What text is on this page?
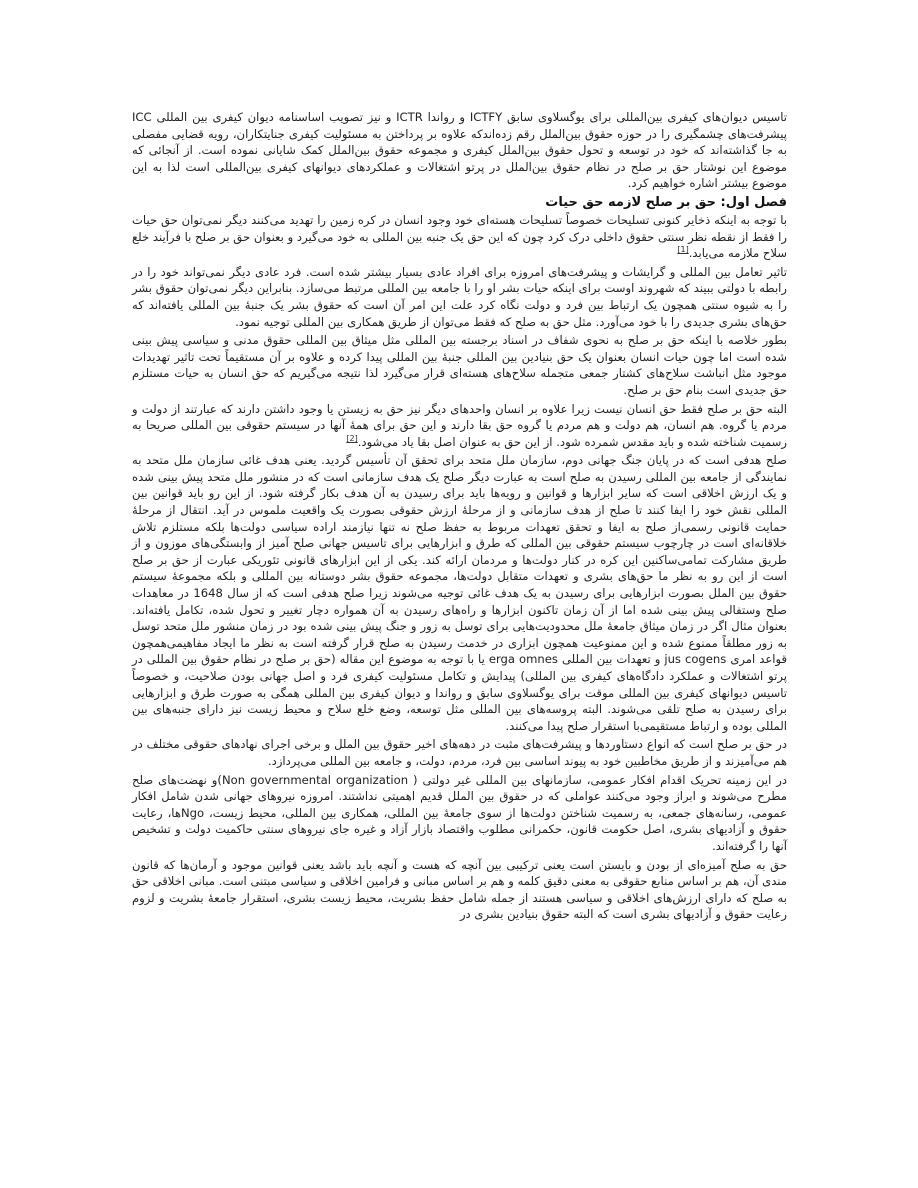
تاسیس دیوان‌های کیفری بین‌المللی برای یوگسلاوی سابق ICTFY و رواندا ICTR و نیز تصویب اساسنامه دیوان کیفری بین المللی ICC پیشرفت‌های چشمگیری را در حوزه حقوق بین‌الملل رقم زده‌اندکه علاوه بر پرداختن به مسئولیت کیفری جنایتکاران، رویه قضایی مفصلی به جا گذاشته‌اند که خود در توسعه و تحول حقوق بین‌الملل کیفری و مجموعه حقوق بین‌الملل کمک شایانی نموده است. از آنجائی که موضوع این نوشتار حق بر صلح در نظام حقوق بین‌الملل در پرتو اشتغالات و عملکردهای دیوانهای کیفری بین‌المللی است لذا به این موضوع بیشتر اشاره خواهیم کرد.

فصل اول: حق بر صلح لازمه حق حیات

با توجه به اینکه ذخایر کنونی تسلیحات خصوصاً تسلیحات هسته‌ای خود وجود انسان در کره زمین را تهدید می‌کنند دیگر نمی‌توان حق حیات را فقط از نقطه نظر سنتی حقوق داخلی درک کرد چون که این حق یک جنبه بین المللی به خود می‌گیرد و بعنوان حق بر صلح با فرآیند خلع سلاح ملازمه می‌یابد.[1]

تاثیر تعامل بین المللی و گرایشات و پیشرفت‌های امروزه برای افراد عادی بسیار بیشتر شده است. فرد عادی دیگر نمی‌تواند خود را در رابطه با دولتی ببیند که شهروند اوست برای اینکه حیات بشر او را با جامعه بین المللی مرتبط می‌سازد. بنابراین دیگر نمی‌توان حقوق بشر را به شیوه سنتی همچون یک ارتباط بین فرد و دولت نگاه کرد علت این امر آن است که حقوق بشر یک جنبهٔ بین المللی یافته‌اند که حق‌های بشری جدیدی را با خود می‌آورد. مثل حق به صلح که فقط می‌توان از طریق همکاری بین المللی توجیه نمود.

بطور خلاصه با اینکه حق بر صلح به نحوی شفاف در اسناد برجسته بین المللی مثل میثاق بین المللی حقوق مدنی و سیاسی پیش بینی شده است اما چون حیات انسان بعنوان یک حق بنیادین بین المللی جنبهٔ بین المللی پیدا کرده و علاوه بر آن مستقیماً تحت تاثیر تهدیدات موجود مثل انباشت سلاح‌های کشتار جمعی متجمله سلاح‌های هسته‌ای قرار می‌گیرد لذا نتیجه می‌گیریم که حق انسان به حیات مستلزم حق جدیدی است بنام حق بر صلح.

البته حق بر صلح فقط حق انسان نیست زیرا علاوه بر انسان واحدهای دیگر نیز حق به زیستن یا وجود داشتن دارند که عبارتند از دولت و مردم یا گروه. هم انسان، هم دولت و هم مردم یا گروه حق بقا دارند و این حق برای همهٔ آنها در سیستم حقوقی بین المللی صریحا به رسمیت شناخته شده و باید مقدس شمرده شود. از این حق به عنوان اصل بقا یاد می‌شود.[2]

صلح هدفی است که در پایان جنگ جهانی دوم، سازمان ملل متحد برای تحقق آن تأسیس گردید. یعنی هدف غائی سازمان ملل متحد به نمایندگی از جامعه بین المللی رسیدن به صلح است به عبارت دیگر صلح یک هدف سازمانی است که در منشور ملل متحد پیش بینی شده و یک ارزش اخلاقی است که سایر ابزارها و قوانین و رویه‌ها باید برای رسیدن به آن هدف بکار گرفته شود. از این رو باید قوانین بین المللی نقش خود را ایفا کنند تا صلح از هدف سازمانی و از مرحلهٔ ارزش حقوقی بصورت یک واقعیت ملموس در آید. انتقال از مرحلهٔ حمایت قانونی رسمی‌از صلح به ایفا و تحقق تعهدات مربوط به حفظ صلح نه تنها نیازمند اراده سیاسی دولت‌ها بلکه مستلزم تلاش خلاقانه‌ای است در چارچوب سیستم حقوقی بین المللی که طرق و ابزارهایی برای تاسیس جهانی صلح آمیز از وابستگی‌های موزون و از طریق مشارکت تمامی‌ساکنین این کره در کنار دولت‌ها و مردمان ارائه کند. یکی از این ابزارهای قانونی تئوریکی عبارت از حق بر صلح است از این رو به نظر ما حق‌های بشری و تعهدات متقابل دولت‌ها، مجموعه حقوق بشر دوستانه بین المللی و بلکه مجموعهٔ سیستم حقوق بین الملل بصورت ابزارهایی برای رسیدن به یک هدف غائی توجیه می‌شوند زیرا صلح هدفی است که از سال 1648 در معاهدات صلح وستفالی پیش بینی شده اما از آن زمان تاکنون ابزارها و راه‌های رسیدن به آن همواره دچار تغییر و تحول شده، تکامل یافته‌اند. بعنوان مثال اگر در زمان میثاق جامعهٔ ملل محدودیت‌هایی برای توسل به زور و جنگ پیش بینی شده بود در زمان منشور ملل متحد توسل به زور مطلقاً ممنوع شده و این ممنوعیت همچون ابزاری در خدمت رسیدن به صلح قرار گرفته است به نظر ما ایجاد مفاهیمی‌همچون قواعد امری jus cogens و تعهدات بین المللی erga omnes یا با توجه به موضوع این مقاله (حق بر صلح در نظام حقوق بین المللی در پرتو اشتغالات و عملکرد دادگاه‌های کیفری بین المللی) پیدایش و تکامل مسئولیت کیفری فرد و اصل جهانی بودن صلاحیت، و خصوصاً تاسیس دیوانهای کیفری بین المللی موقت برای یوگسلاوی سابق و رواندا و دیوان کیفری بین المللی همگی به صورت طرق و ابزارهایی برای رسیدن به صلح تلقی می‌شوند. البته پروسه‌های بین المللی مثل توسعه، وضع خلع سلاح و محیط زیست نیز دارای جنبه‌های بین المللی بوده و ارتباط مستقیمی‌با استقرار صلح پیدا می‌کنند.

در حق بر صلح است که انواع دستاوردها و پیشرفت‌های مثبت در دهه‌های اخیر حقوق بین الملل و برخی اجرای نهادهای حقوقی مختلف در هم می‌آمیزند و از طریق مخاطبین خود به پیوند اساسی بین فرد، مردم، دولت، و جامعه بین المللی می‌پردازد.

در این زمینه تحریک اقدام افکار عمومی، سازمانهای بین المللی غیر دولتی ( Non governmental organization)و نهضت‌های صلح مطرح می‌شوند و ابراز وجود می‌کنند عواملی که در حقوق بین الملل قدیم اهمیتی نداشتند. امروزه نیروهای جهانی شدن شامل افکار عمومی، رسانه‌های جمعی، به رسمیت شناختن دولت‌ها از سوی جامعهٔ بین المللی، همکاری بین المللی، محیط زیست، Ngoها، رعایت حقوق و آزادیهای بشری، اصل حکومت قانون، حکمرانی مطلوب واقتصاد بازار آزاد و غیره جای نیروهای سنتی حاکمیت دولت و تشخیص آنها را گرفته‌اند.

حق به صلح آمیزه‌ای از بودن و بایستن است یعنی ترکیبی بین آنچه که هست و آنچه باید باشد یعنی قوانین موجود و آرمان‌ها که قانون مندی آن، هم بر اساس منابع حقوقی به معنی دقیق کلمه و هم بر اساس مبانی و فرامین اخلاقی و سیاسی مبتنی است. مبانی اخلاقی حق به صلح که دارای ارزش‌های اخلاقی و سیاسی هستند از جمله شامل حفظ بشریت، محیط زیست بشری، استقرار جامعهٔ بشریت و لزوم رعایت حقوق و آزادیهای بشری است که البته حقوق بنیادین بشری در
